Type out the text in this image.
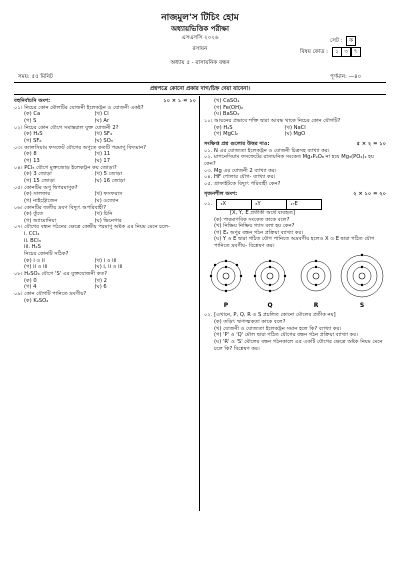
নাজমুল'স টিচিং হোম
অধ্যায়ভিত্তিক পরীক্ষা
এসএসসি ২০২৬
রসায়ন
সেট : ক
বিষয় কোড : ১ ৩ ৭
অধ্যায় ৫ - রাসায়নিক বন্ধন
সময়: ৫৫ মিনিট	পূর্ণমান: —৪০
প্রশ্নপত্রে কোনো প্রকার দাগ/চিহ্ন দেয়া যাবেনা।
বহুনির্বাচনি অংশ:	১০ × ১ = ১০
০১। নিচের কোন মৌলটির যোজনী ইলেকট্রন ও যোজনী একই?
(ক) Ca	(খ) Cl
(গ) S	(ঘ) Ar
০২। নিচের কোন যৌগে সমান্তরাল যুক্ত যোজনী 2?
(ক) H₂S	(খ) SF₄
(গ) SF₆	(ঘ) SO₃
০৩। ক্যালসিয়াম ফসফেট যৌগের অণুতে কতটি পরমাণু বিদ্যমান?
(ক) 8	(খ) 11
(গ) 13	(ঘ) 17
০৪। PCl₅ যৌগে মুক্তজোড় ইলেকট্রন কয় জোড়া?
(ক) 3 জোড়া	(খ) 5 জোড়া
(গ) 15 জোড়া	(ঘ) 16 জোড়া
০৫। কোনটির অণু দ্বিপরমাণুক?
(ক) সালফার	(খ) ফসফরাস
(গ) নাইট্রোজেন	(ঘ) ওজোন
০৬। কোনটির জলীয় দ্রবণ বিদ্যুৎ অপরিবাহী?
(ক) তুঁতে	(খ) চিনি
(গ) অ্যামোনিয়া	(ঘ) ভিনেগার
০৭। যৌগের বন্ধন গঠনের ক্ষেত্রে কেন্দ্রীয় পরমাণু অষ্টক এর নিয়ম মেনে চলে-
i. CCl₄
ii. BCl₃
iii. H₂S
নিচের কোনটি সঠিক?
(ক) i ও ii	(খ) i ও iii
(গ) ii ও iii	(ঘ) i, ii ও iii
০৮। H₂SO₄ যৌগে 'S' এর যুক্তযোজনী কত?
(ক) 0	(খ) 2
(গ) 4	(ঘ) 6
০৯। কোন যৌগটি পানিতে দ্রবণীয়?
(ক) K₂SO₄
(খ) CaSO₄
(গ) Fe(OH)₂
(ঘ) BaSO₄
১০। আয়নের প্রভাবে শক্তি দ্বারা আবদ্ধ থাকে নিচের কোন যৌগটি?
(ক) H₂S	(খ) NaCl
(গ) MgCl₂	(ঘ) MgO
সংক্ষিপ্ত প্রশ্ন গুলোর উত্তর দাও:	৫ × ২ = ১০
০১. N এর যোজ্যতা ইলেকট্রন ও যোজনী চিত্রসহ ব্যাখ্যা কর।
০২. মাগনেসিয়াম ফসফেটের রাসায়নিক সংকেত Mg₃P₂O₈ না হয়ে Mg₃(PO₄)₂ হয় কেন?
০৩. Mg এর যোজনী 2 ব্যাখ্যা কর।
০৪. HF পোলার যৌগ- ব্যাখ্যা কর।
০৫. গ্রাফাইটকে বিদ্যুৎ পরিবাহী কেন?
সৃজনশীল অংশ:	২ × ১০ = ২০
০১. ₃X	₈Y	₁₇E
[X, Y, E প্রতীকী অর্থে ব্যবহৃত]
(ক) পারমাণবিক সংকেত কাকে বলে?
(খ) নিষ্ক্রিয় নিষ্ক্রিয় গ্যাস বলা হয় কেন?
(গ) E₂ অণুর বন্ধন গঠন প্রক্রিয়া ব্যাখ্যা কর।
(ঘ) Y ও E দ্বারা গঠিত যৌগ পানিতে অদ্রবণীয় হলেও X ও E দ্বারা গঠিত যৌগ পানিতে দ্রবণীয়- বিশ্লেষণ কর।
P	Q	R	S
০২. [এখানে, P, Q, R ও S প্রচলিত কোনো মৌলের প্রতীক নয়]
(ক) তড়িৎ ঋণাত্মকতা কাকে বলে?
(খ) যোজনী ও যোজ্যতা ইলেকট্রন সমান হলে কি? ব্যাখ্যা কর।
(গ) 'P' ও 'Q' মৌল দ্বারা গঠিত যৌগের বন্ধন গঠন প্রক্রিয়া ব্যাখ্যা কর।
(ঘ) 'R' ও 'S' মৌলের বন্ধন গঠনকালে এর একটি যৌগের ক্ষেত্রে অষ্টক নিয়ম মেনে চলে কি? বিশ্লেষণ কর।
